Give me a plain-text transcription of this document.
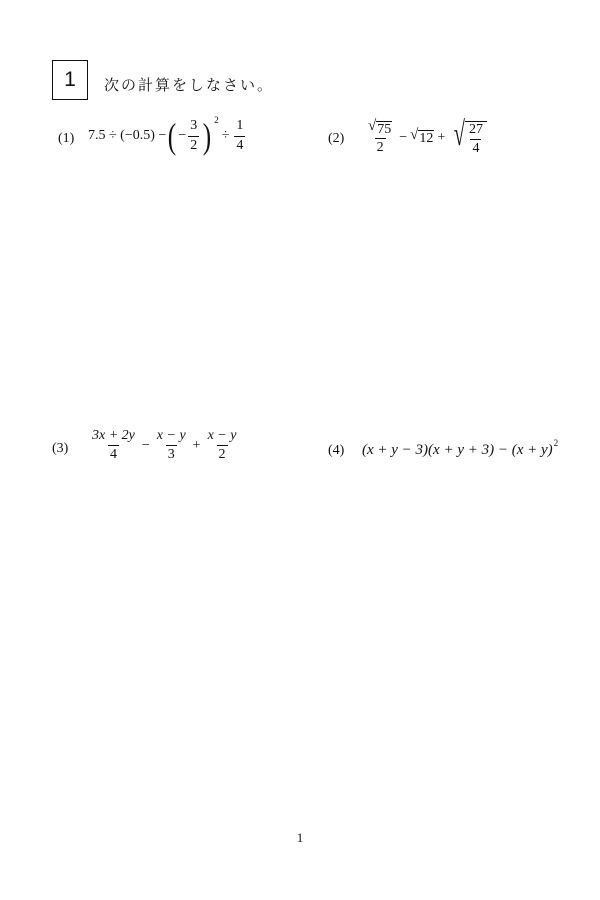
1 次の計算をしなさい。
(1) 7.5 ÷ (−0.5) − ( − $\frac{3}{2}$ ) 2
÷ $\frac{1}{4}$	$(2) \frac{√ 75}{2}$ − √ 12 + √ $\frac{27}{4}$
$(3) \frac{3x + 2y}{4} - \frac{x - y}{3} + \frac{x - y}{2}$	(4) (x + y − 3)(x + y + 3) − (x + y) 2
1
